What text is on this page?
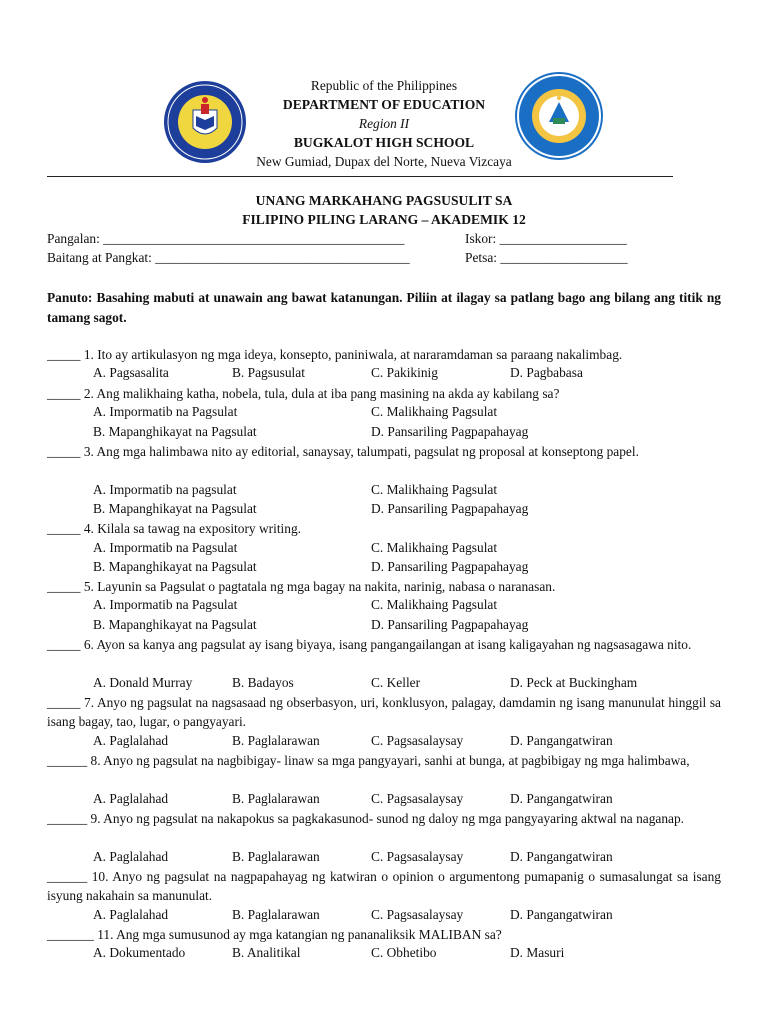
Republic of the Philippines
DEPARTMENT OF EDUCATION
Region II
BUGKALOT HIGH SCHOOL
New Gumiad, Dupax del Norte, Nueva Vizcaya
UNANG MARKAHANG PAGSUSULIT SA
FILIPINO PILING LARANG – AKADEMIK 12
Pangalan: _____________________________________________	Iskor: ___________________
Baitang at Pangkat: ______________________________________	Petsa: ___________________
Panuto: Basahing mabuti at unawain ang bawat katanungan. Piliin at ilagay sa patlang bago ang bilang ang titik ng tamang sagot.
_____ 1. Ito ay artikulasyon ng mga ideya, konsepto, paniniwala, at nararamdaman sa paraang nakalimbag.
A. Pagsasalita	B. Pagsusulat	C. Pakikinig	D. Pagbabasa
_____ 2. Ang malikhaing katha, nobela, tula, dula at iba pang masining na akda ay kabilang sa?
A. Impormatib na Pagsulat	C. Malikhaing Pagsulat
B. Mapanghikayat na Pagsulat	D. Pansariling Pagpapahayag
_____ 3. Ang mga halimbawa nito ay editorial, sanaysay, talumpati, pagsulat ng proposal at konseptong papel.
A. Impormatib na pagsulat	C. Malikhaing Pagsulat
B. Mapanghikayat na Pagsulat	D. Pansariling Pagpapahayag
_____ 4. Kilala sa tawag na expository writing.
A. Impormatib na Pagsulat	C. Malikhaing Pagsulat
B. Mapanghikayat na Pagsulat	D. Pansariling Pagpapahayag
_____ 5. Layunin sa Pagsulat o pagtatala ng mga bagay na nakita, narinig, nabasa o naranasan.
A. Impormatib na Pagsulat	C. Malikhaing Pagsulat
B. Mapanghikayat na Pagsulat	D. Pansariling Pagpapahayag
_____ 6. Ayon sa kanya ang pagsulat ay isang biyaya, isang pangangailangan at isang kaligayahan ng nagsasagawa nito.
A. Donald Murray	B. Badayos	C. Keller	D. Peck at Buckingham
_____ 7. Anyo ng pagsulat na nagsasaad ng obserbasyon, uri, konklusyon, palagay, damdamin ng isang manunulat hinggil sa isang bagay, tao, lugar, o pangyayari.
A. Paglalahad	B. Paglalarawan	C. Pagsasalaysay	D. Pangangatwiran
______ 8. Anyo ng pagsulat na nagbibigay- linaw sa mga pangyayari, sanhi at bunga, at pagbibigay ng mga halimbawa,
A. Paglalahad	B. Paglalarawan	C. Pagsasalaysay	D. Pangangatwiran
______ 9. Anyo ng pagsulat na nakapokus sa pagkakasunod- sunod ng daloy ng mga pangyayaring aktwal na naganap.
A. Paglalahad	B. Paglalarawan	C. Pagsasalaysay	D. Pangangatwiran
______ 10. Anyo ng pagsulat na nagpapahayag ng katwiran o opinion o argumentong pumapanig o sumasalungat sa isang isyung nakahain sa manunulat.
A. Paglalahad	B. Paglalarawan	C. Pagsasalaysay	D. Pangangatwiran
_______ 11. Ang mga sumusunod ay mga katangian ng pananaliksik MALIBAN sa?
A. Dokumentado	B. Analitikal	C. Obhetibo	D. Masuri
